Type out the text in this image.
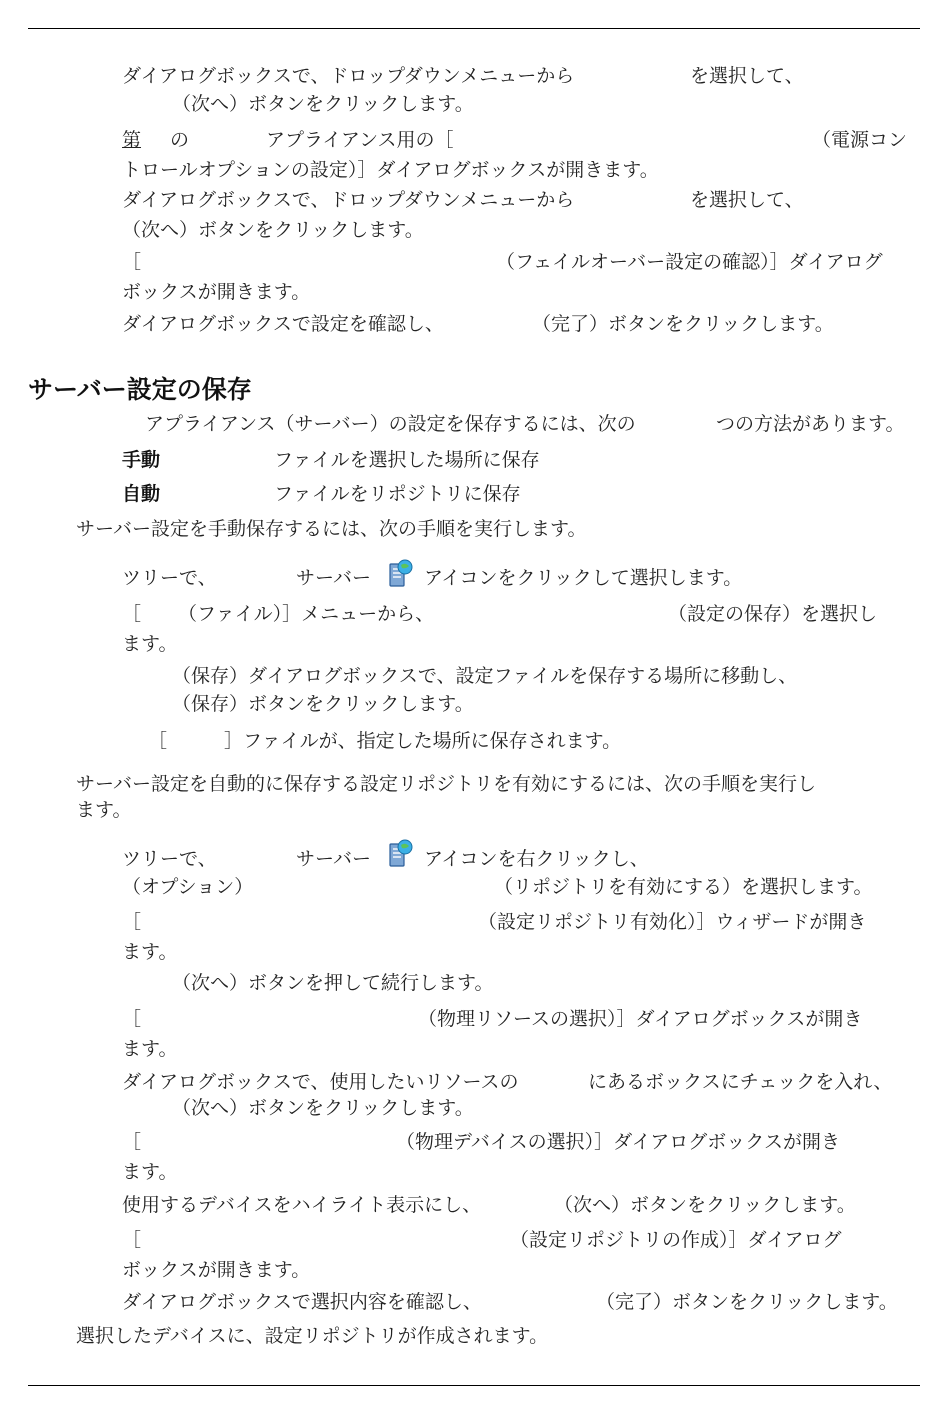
ダイアログボックスで、ドロップダウンメニューから	を選択して、
（次へ）ボタンをクリックします。
第	の	アプライアンス用の［	（電源コン
トロールオプションの設定）］ダイアログボックスが開きます。
ダイアログボックスで、ドロップダウンメニューから	を選択して、
（次へ）ボタンをクリックします。
［	（フェイルオーバー設定の確認）］ダイアログ
ボックスが開きます。
ダイアログボックスで設定を確認し、	（完了）ボタンをクリックします。
サーバー設定の保存
アプライアンス（サーバー）の設定を保存するには、次の	つの方法があります。
手動	ファイルを選択した場所に保存
自動	ファイルをリポジトリに保存
サーバー設定を手動保存するには、次の手順を実行します。
ツリーで、	サーバー	アイコンをクリックして選択します。
［ （ファイル）］メニューから、	（設定の保存）を選択し
ます。
（保存）ダイアログボックスで、設定ファイルを保存する場所に移動し、
（保存）ボタンをクリックします。
［	］ファイルが、指定した場所に保存されます。
サーバー設定を自動的に保存する設定リポジトリを有効にするには、次の手順を実行し
ます。
ツリーで、	サーバー	アイコンを右クリックし、
（オプション）	（リポジトリを有効にする）を選択します。
［	（設定リポジトリ有効化）］ウィザードが開き
ます。
（次へ）ボタンを押して続行します。
［	（物理リソースの選択）］ダイアログボックスが開き
ます。
ダイアログボックスで、使用したいリソースの	にあるボックスにチェックを入れ、
（次へ）ボタンをクリックします。
［	（物理デバイスの選択）］ダイアログボックスが開き
ます。
使用するデバイスをハイライト表示にし、	（次へ）ボタンをクリックします。
［	（設定リポジトリの作成）］ダイアログ
ボックスが開きます。
ダイアログボックスで選択内容を確認し、	（完了）ボタンをクリックします。
選択したデバイスに、設定リポジトリが作成されます。
